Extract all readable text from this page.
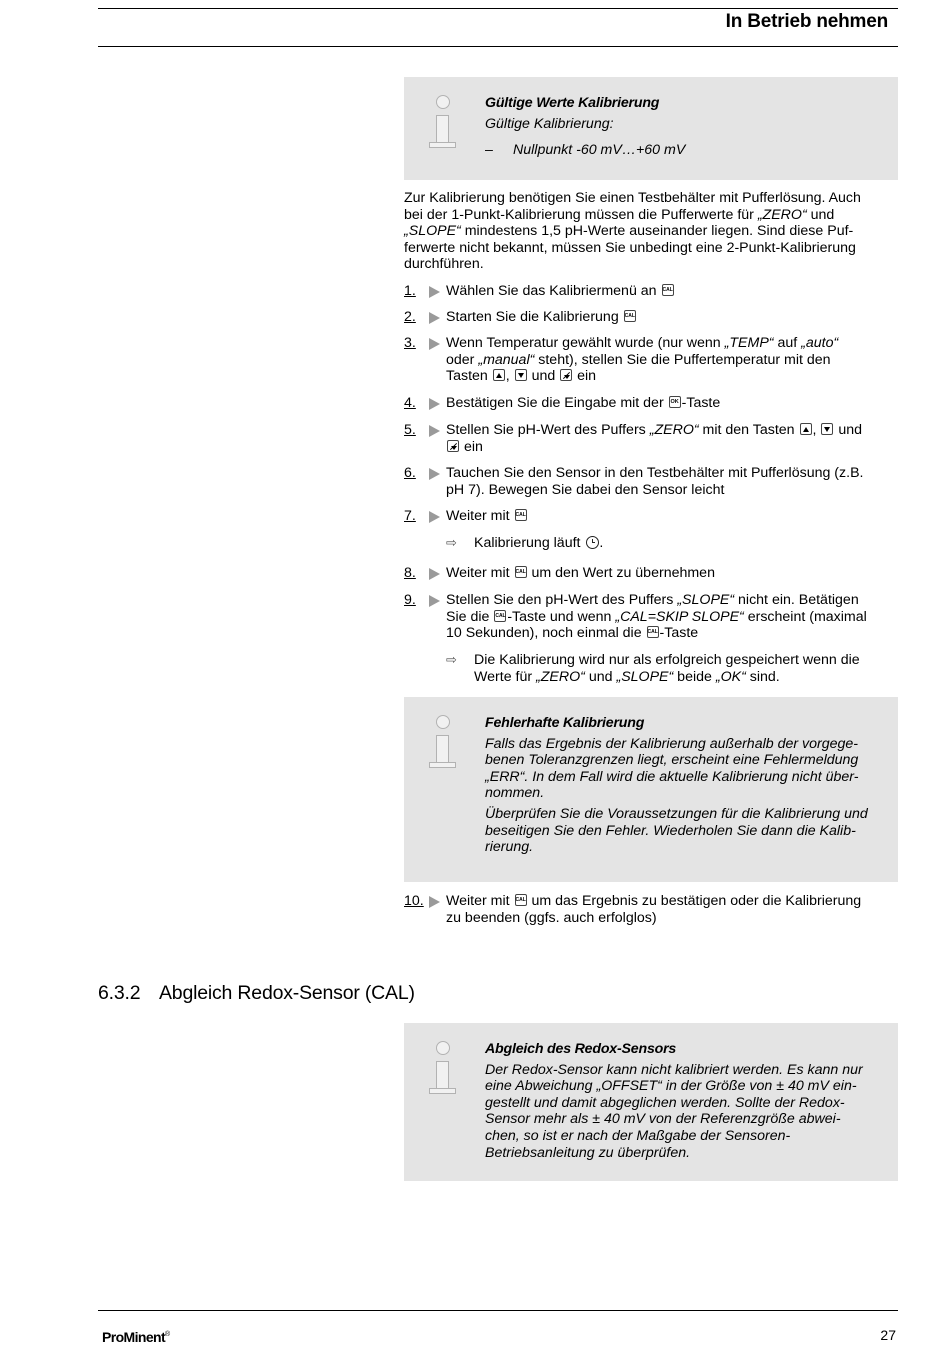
In Betrieb nehmen

Gültige Werte Kalibrierung

Gültige Kalibrierung:

– Nullpunkt -60 mV…+60 mV

Zur Kalibrierung benötigen Sie einen Testbehälter mit Pufferlösung. Auch
bei der 1-Punkt-Kalibrierung müssen die Pufferwerte für „ZERO“ und
„SLOPE“ mindestens 1,5 pH-Werte auseinander liegen. Sind diese Puf-
ferwerte nicht bekannt, müssen Sie unbedingt eine 2-Punkt-Kalibrierung
durchführen.
1. Wählen Sie das Kalibriermenü an CAL
2. Starten Sie die Kalibrierung CAL
3. Wenn Temperatur gewählt wurde (nur wenn „TEMP“ auf „auto“
oder „manual“ steht), stellen Sie die Puffertemperatur mit den
Tasten ,  und  ein
4. Bestätigen Sie die Eingabe mit der OK-Taste
5. Stellen Sie pH-Wert des Puffers „ZERO“ mit den Tasten ,  und
ein
6. Tauchen Sie den Sensor in den Testbehälter mit Pufferlösung (z.B.
pH 7). Bewegen Sie dabei den Sensor leicht
7. Weiter mit CAL
⇨ Kalibrierung läuft .
8. Weiter mit CAL um den Wert zu übernehmen
9. Stellen Sie den pH-Wert des Puffers „SLOPE“ nicht ein. Betätigen
Sie die CAL-Taste und wenn „CAL=SKIP SLOPE“ erscheint (maximal
10 Sekunden), noch einmal die CAL-Taste
⇨ Die Kalibrierung wird nur als erfolgreich gespeichert wenn die
Werte für „ZERO“ und „SLOPE“ beide „OK“ sind.

Fehlerhafte Kalibrierung

Falls das Ergebnis der Kalibrierung außerhalb der vorgege-

benen Toleranzgrenzen liegt, erscheint eine Fehlermeldung

„ERR“. In dem Fall wird die aktuelle Kalibrierung nicht über-

nommen.

Überprüfen Sie die Voraussetzungen für die Kalibrierung und

beseitigen Sie den Fehler. Wiederholen Sie dann die Kalib-

rierung.

10. Weiter mit CAL um das Ergebnis zu bestätigen oder die Kalibrierung
zu beenden (ggfs. auch erfolglos)
6.3.2 Abgleich Redox-Sensor (CAL)

Abgleich des Redox-Sensors

Der Redox-Sensor kann nicht kalibriert werden. Es kann nur

eine Abweichung „OFFSET“ in der Größe von ± 40 mV ein-

gestellt und damit abgeglichen werden. Sollte der Redox-

Sensor mehr als ± 40 mV von der Referenzgröße abwei-

chen, so ist er nach der Maßgabe der Sensoren-

Betriebsanleitung zu überprüfen.

ProMinent®	27
